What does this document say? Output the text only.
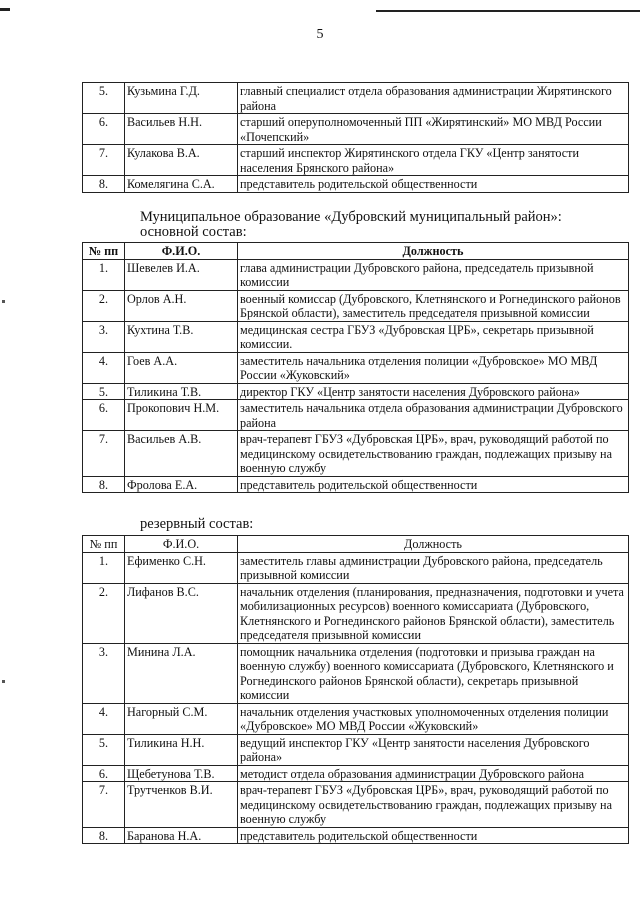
5
5.	Кузьмина Г.Д.	главный специалист отдела образования администрации Жирятинского района
6.	Васильев Н.Н.	старший оперуполномоченный ПП «Жирятинский» МО МВД России «Почепский»
7.	Кулакова В.А.	старший инспектор Жирятинского отдела ГКУ «Центр занятости населения Брянского района»
8.	Комелягина С.А.	представитель родительской общественности
Муниципальное образование «Дубровский муниципальный район»:
основной состав:
№ пп	Ф.И.О.	Должность
1.	Шевелев И.А.	глава администрации Дубровского района, председатель призывной комиссии
2.	Орлов А.Н.	военный комиссар (Дубровского, Клетнянского и Рогнединского районов Брянской области), заместитель председателя призывной комиссии
3.	Кухтина Т.В.	медицинская сестра ГБУЗ «Дубровская ЦРБ», секретарь призывной комиссии.
4.	Гоев А.А.	заместитель начальника отделения полиции «Дубровское» МО МВД России «Жуковский»
5.	Тиликина Т.В.	директор ГКУ «Центр занятости населения Дубровского района»
6.	Прокопович Н.М.	заместитель начальника отдела образования администрации Дубровского района
7.	Васильев А.В.	врач-терапевт ГБУЗ «Дубровская ЦРБ», врач, руководящий работой по медицинскому освидетельствованию граждан, подлежащих призыву на военную службу
8.	Фролова Е.А.	представитель родительской общественности
резервный состав:
№ пп	Ф.И.О.	Должность
1.	Ефименко С.Н.	заместитель главы администрации Дубровского района, председатель призывной комиссии
2.	Лифанов В.С.	начальник отделения (планирования, предназначения, подготовки и учета мобилизационных ресурсов) военного комиссариата (Дубровского, Клетнянского и Рогнединского районов Брянской области), заместитель председателя призывной комиссии
3.	Минина Л.А.	помощник начальника отделения (подготовки и призыва граждан на военную службу) военного комиссариата (Дубровского, Клетнянского и Рогнединского районов Брянской области), секретарь призывной комиссии
4.	Нагорный С.М.	начальник отделения участковых уполномоченных отделения полиции «Дубровское» МО МВД России «Жуковский»
5.	Тиликина Н.Н.	ведущий инспектор ГКУ «Центр занятости населения Дубровского района»
6.	Щебетунова Т.В.	методист отдела образования администрации Дубровского района
7.	Трутченков В.И.	врач-терапевт ГБУЗ «Дубровская ЦРБ», врач, руководящий работой по медицинскому освидетельствованию граждан, подлежащих призыву на военную службу
8.	Баранова Н.А.	представитель родительской общественности
